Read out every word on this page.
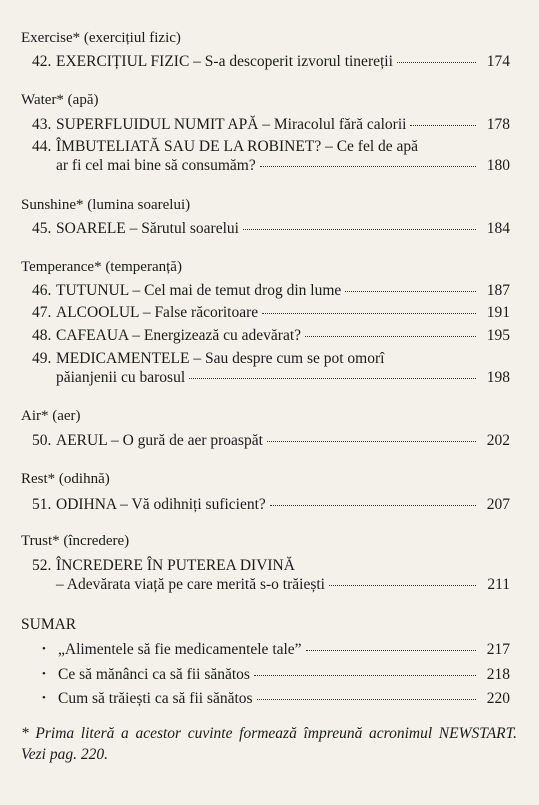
Exercise* (exercițiul fizic)
42. EXERCIȚIUL FIZIC – S-a descoperit izvorul tinereții	174
Water* (apă)
43. SUPERFLUIDUL NUMIT APĂ – Miracolul fără calorii	178
44. ÎMBUTELIATĂ SAU DE LA ROBINET? – Ce fel de apă
ar fi cel mai bine să consumăm?	180
Sunshine* (lumina soarelui)
45. SOARELE – Sărutul soarelui	184
Temperance* (temperanță)
46. TUTUNUL – Cel mai de temut drog din lume	187
47. ALCOOLUL – False răcoritoare	191
48. CAFEAUA – Energizează cu adevărat?	195
49. MEDICAMENTELE – Sau despre cum se pot omorî
păianjenii cu barosul	198
Air* (aer)
50. AERUL – O gură de aer proaspăt	202
Rest* (odihnă)
51. ODIHNA – Vă odihniți suficient?	207
Trust* (încredere)
52. ÎNCREDERE ÎN PUTEREA DIVINĂ
– Adevărata viață pe care merită s-o trăiești	211
SUMAR
• „Alimentele să fie medicamentele tale”	217
• Ce să mănânci ca să fii sănătos	218
• Cum să trăiești ca să fii sănătos	220
* Prima literă a acestor cuvinte formează împreună acronimul NEWSTART. Vezi pag. 220.
